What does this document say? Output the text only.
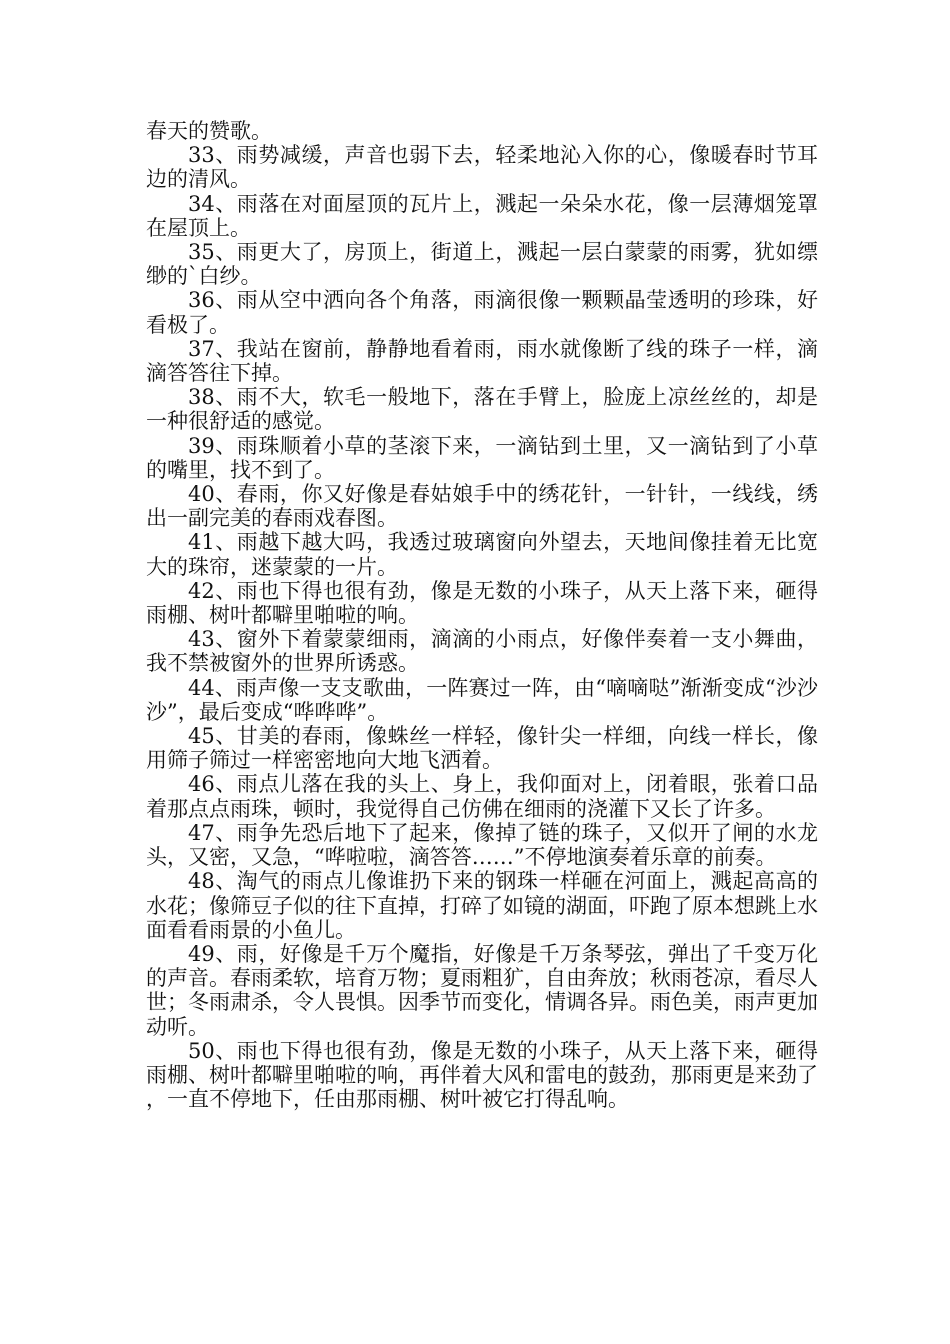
春天的赞歌。

33、雨势减缓，声音也弱下去，轻柔地沁入你的心，像暖春时节耳边的清风。

34、雨落在对面屋顶的瓦片上，溅起一朵朵水花，像一层薄烟笼罩在屋顶上。

35、雨更大了，房顶上，街道上，溅起一层白蒙蒙的雨雾，犹如缥缈的`白纱。

36、雨从空中洒向各个角落，雨滴很像一颗颗晶莹透明的珍珠，好看极了。

37、我站在窗前，静静地看着雨，雨水就像断了线的珠子一样，滴滴答答往下掉。

38、雨不大，软毛一般地下，落在手臂上，脸庞上凉丝丝的，却是一种很舒适的感觉。

39、雨珠顺着小草的茎滚下来，一滴钻到土里，又一滴钻到了小草的嘴里，找不到了。

40、春雨，你又好像是春姑娘手中的绣花针，一针针，一线线，绣出一副完美的春雨戏春图。

41、雨越下越大吗，我透过玻璃窗向外望去，天地间像挂着无比宽大的珠帘，迷蒙蒙的一片。

42、雨也下得也很有劲，像是无数的小珠子，从天上落下来，砸得雨棚、树叶都噼里啪啦的响。

43、窗外下着蒙蒙细雨，滴滴的小雨点，好像伴奏着一支小舞曲，我不禁被窗外的世界所诱惑。

44、雨声像一支支歌曲，一阵赛过一阵，由“嘀嘀哒”渐渐变成“沙沙沙”，最后变成“哗哗哗”。

45、甘美的春雨，像蛛丝一样轻，像针尖一样细，向线一样长，像用筛子筛过一样密密地向大地飞洒着。

46、雨点儿落在我的头上、身上，我仰面对上，闭着眼，张着口品着那点点雨珠，顿时，我觉得自己仿佛在细雨的浇灌下又长了许多。

47、雨争先恐后地下了起来，像掉了链的珠子，又似开了闸的水龙头，又密，又急，“哗啦啦，滴答答……”不停地演奏着乐章的前奏。

48、淘气的雨点儿像谁扔下来的钢珠一样砸在河面上，溅起高高的水花；像筛豆子似的往下直掉，打碎了如镜的湖面，吓跑了原本想跳上水面看看雨景的小鱼儿。

49、雨，好像是千万个魔指，好像是千万条琴弦，弹出了千变万化的声音。春雨柔软，培育万物；夏雨粗犷，自由奔放；秋雨苍凉，看尽人世；冬雨肃杀，令人畏惧。因季节而变化，情调各异。雨色美，雨声更加动听。

50、雨也下得也很有劲，像是无数的小珠子，从天上落下来，砸得雨棚、树叶都噼里啪啦的响，再伴着大风和雷电的鼓劲，那雨更是来劲了，一直不停地下，任由那雨棚、树叶被它打得乱响。
